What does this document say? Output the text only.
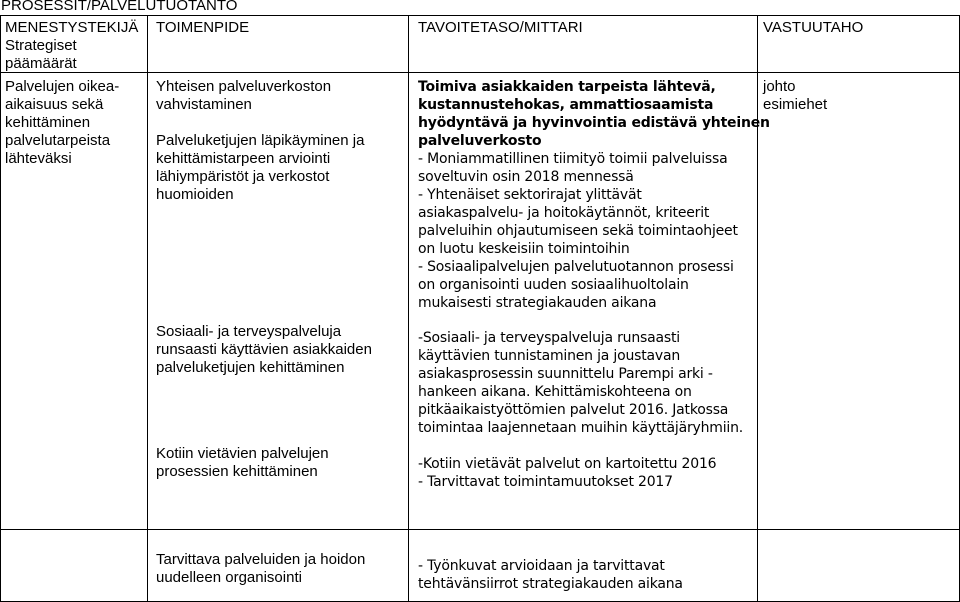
PROSESSIT/PALVELUTUOTANTO
MENESTYSTEKIJÄ
Strategiset
päämäärät
TOIMENPIDE	TAVOITETASO/MITTARI	VASTUUTAHO
Palvelujen oikea-
aikaisuus sekä
kehittäminen
palvelutarpeista
lähteväksi
Yhteisen palveluverkoston
vahvistaminen
Palveluketjujen läpikäyminen ja
kehittämistarpeen arviointi
lähiympäristöt ja verkostot
huomioiden
Sosiaali- ja terveyspalveluja
runsaasti käyttävien asiakkaiden
palveluketjujen kehittäminen
Kotiin vietävien palvelujen
prosessien kehittäminen
Tarvittava palveluiden ja hoidon
uudelleen organisointi
Toimiva asiakkaiden tarpeista lähtevä,
kustannustehokas, ammattiosaamista
hyödyntävä ja hyvinvointia edistävä yhteinen
palveluverkosto
- Moniammatillinen tiimityö toimii palveluissa
soveltuvin osin 2018 mennessä
- Yhtenäiset sektorirajat ylittävät
asiakaspalvelu- ja hoitokäytännöt, kriteerit
palveluihin ohjautumiseen sekä toimintaohjeet
on luotu keskeisiin toimintoihin
- Sosiaalipalvelujen palvelutuotannon prosessi
on organisointi uuden sosiaalihuoltolain
mukaisesti strategiakauden aikana
-Sosiaali- ja terveyspalveluja runsaasti
käyttävien tunnistaminen ja joustavan
asiakasprosessin suunnittelu Parempi arki -
hankeen aikana. Kehittämiskohteena on
pitkäaikaistyöttömien palvelut 2016. Jatkossa
toimintaa laajennetaan muihin käyttäjäryhmiin.
-Kotiin vietävät palvelut on kartoitettu 2016
- Tarvittavat toimintamuutokset 2017
- Työnkuvat arvioidaan ja tarvittavat
tehtävänsiirrot strategiakauden aikana
johto
esimiehet
